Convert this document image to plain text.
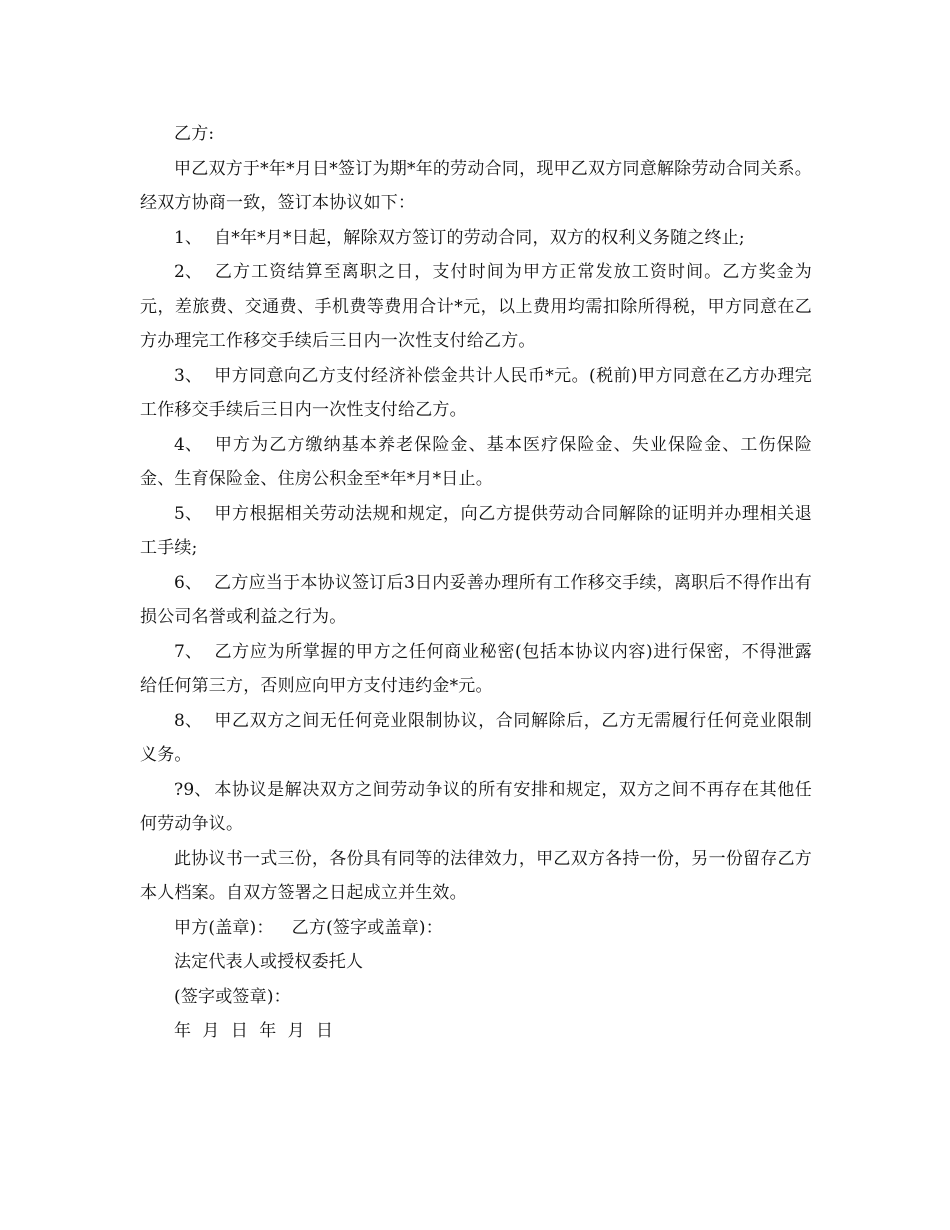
乙方:

甲乙双方于*年*月日*签订为期*年的劳动合同，现甲乙双方同意解除劳动合同关系。经双方协商一致，签订本协议如下：

1、 自*年*月*日起，解除双方签订的劳动合同，双方的权利义务随之终止;

2、 乙方工资结算至离职之日，支付时间为甲方正常发放工资时间。乙方奖金为元，差旅费、交通费、手机费等费用合计*元，以上费用均需扣除所得税，甲方同意在乙方办理完工作移交手续后三日内一次性支付给乙方。

3、 甲方同意向乙方支付经济补偿金共计人民币*元。(税前)甲方同意在乙方办理完工作移交手续后三日内一次性支付给乙方。

4、 甲方为乙方缴纳基本养老保险金、基本医疗保险金、失业保险金、工伤保险金、生育保险金、住房公积金至*年*月*日止。

5、 甲方根据相关劳动法规和规定，向乙方提供劳动合同解除的证明并办理相关退工手续;

6、 乙方应当于本协议签订后3日内妥善办理所有工作移交手续，离职后不得作出有损公司名誉或利益之行为。

7、 乙方应为所掌握的甲方之任何商业秘密(包括本协议内容)进行保密，不得泄露给任何第三方，否则应向甲方支付违约金*元。

8、 甲乙双方之间无任何竞业限制协议，合同解除后，乙方无需履行任何竞业限制义务。

?9、 本协议是解决双方之间劳动争议的所有安排和规定，双方之间不再存在其他任何劳动争议。

此协议书一式三份，各份具有同等的法律效力，甲乙双方各持一份，另一份留存乙方本人档案。自双方签署之日起成立并生效。

甲方(盖章)： 乙方(签字或盖章)：

法定代表人或授权委托人

(签字或签章)：

年  月  日  年  月  日
